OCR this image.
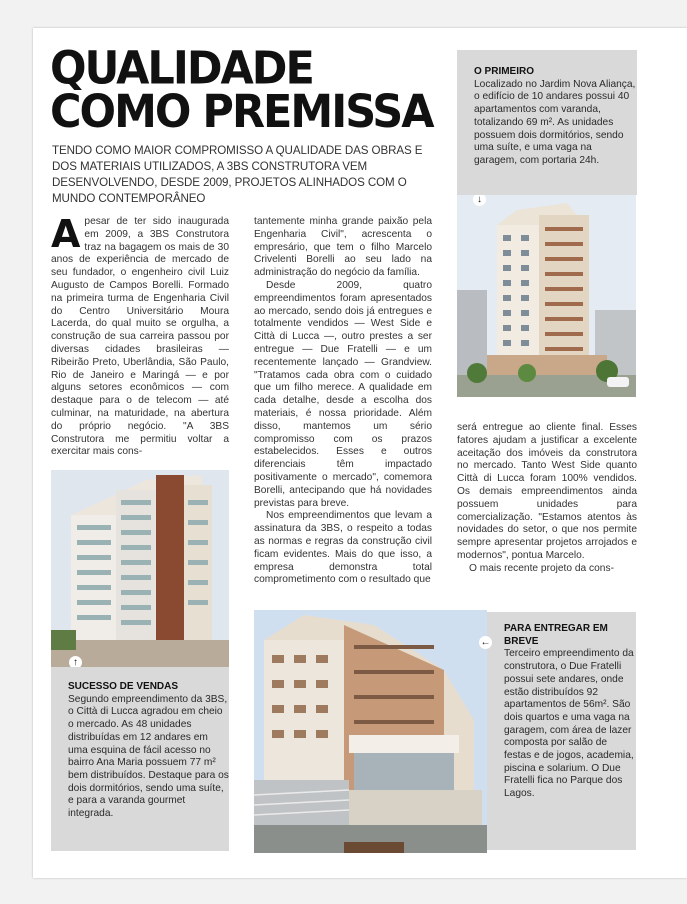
QUALIDADE
COMO PREMISSA
TENDO COMO MAIOR COMPROMISSO A QUALIDADE DAS OBRAS E DOS MATERIAIS UTILIZADOS, A 3BS CONSTRUTORA VEM DESENVOLVENDO, DESDE 2009, PROJETOS ALINHADOS COM O MUNDO CONTEMPORÂNEO

Apesar de ter sido inaugurada em 2009, a 3BS Construtora traz na bagagem os mais de 30 anos de experiência de mercado de seu fundador, o engenheiro civil Luiz Augusto de Campos Borelli. Formado na primeira turma de Engenharia Civil do Centro Universitário Moura Lacerda, do qual muito se orgulha, a construção de sua carreira passou por diversas cidades brasileiras — Ribeirão Preto, Uberlândia, São Paulo, Rio de Janeiro e Maringá — e por alguns setores econômicos — com destaque para o de telecom — até culminar, na maturidade, na abertura do próprio negócio. "A 3BS Construtora me permitiu voltar a exercitar mais cons-

tantemente minha grande paixão pela Engenharia Civil", acrescenta o empresário, que tem o filho Marcelo Crivelenti Borelli ao seu lado na administração do negócio da família.

Desde 2009, quatro empreendimentos foram apresentados ao mercado, sendo dois já entregues e totalmente vendidos — West Side e Città di Lucca —, outro prestes a ser entregue — Due Fratelli — e um recentemente lançado — Grandview. "Tratamos cada obra com o cuidado que um filho merece. A qualidade em cada detalhe, desde a escolha dos materiais, é nossa prioridade. Além disso, mantemos um sério compromisso com os prazos estabelecidos. Esses e outros diferenciais têm impactado positivamente o mercado", comemora Borelli, antecipando que há novidades previstas para breve.

Nos empreendimentos que levam a assinatura da 3BS, o respeito a todas as normas e regras da construção civil ficam evidentes. Mais do que isso, a empresa demonstra total comprometimento com o resultado que

será entregue ao cliente final. Esses fatores ajudam a justificar a excelente aceitação dos imóveis da construtora no mercado. Tanto West Side quanto Città di Lucca foram 100% vendidos. Os demais empreendimentos ainda possuem unidades para comercialização. "Estamos atentos às novidades do setor, o que nos permite sempre apresentar projetos arrojados e modernos", pontua Marcelo.

O mais recente projeto da cons-

O PRIMEIRO
Localizado no Jardim Nova Aliança, o edifício de 10 andares possui 40 apartamentos com varanda, totalizando 69 m². As unidades possuem dois dormitórios, sendo uma suíte, e uma vaga na garagem, com portaria 24h.
↓
↑
SUCESSO DE VENDAS
Segundo empreendimento da 3BS, o Città di Lucca agradou em cheio o mercado. As 48 unidades distribuídas em 12 andares em uma esquina de fácil acesso no bairro Ana Maria possuem 77 m² bem distribuídos. Destaque para os dois dormitórios, sendo uma suíte, e para a varanda gourmet integrada.
PARA ENTREGAR EM BREVE
Terceiro empreendimento da construtora, o Due Fratelli possui sete andares, onde estão distribuídos 92 apartamentos de 56m². São dois quartos e uma vaga na garagem, com área de lazer composta por salão de festas e de jogos, academia, piscina e solarium. O Due Fratelli fica no Parque dos Lagos.
←
